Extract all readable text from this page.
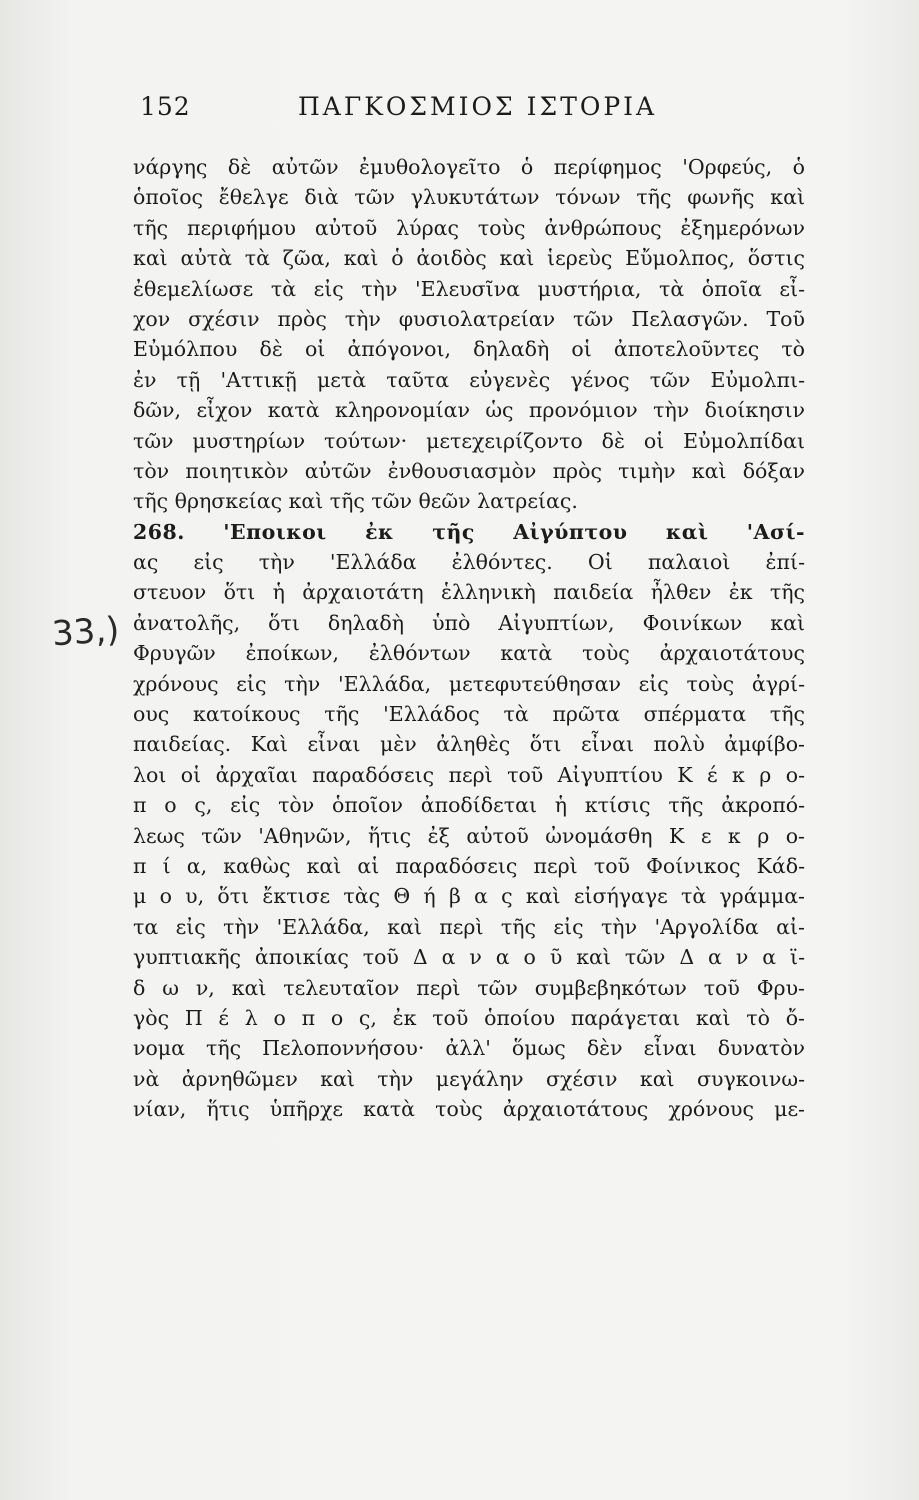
152	ΠΑΓΚΟΣΜΙΟΣ ΙΣΤΟΡΙΑ
33,)
νάργης δὲ αὐτῶν ἐμυθολογεῖτο ὁ περίφημος 'Ορφεύς, ὁ
ὁποῖος ἔθελγε διὰ τῶν γλυκυτάτων τόνων τῆς φωνῆς καὶ
τῆς περιφήμου αὐτοῦ λύρας τοὺς ἀνθρώπους ἐξημερόνων
καὶ αὐτὰ τὰ ζῶα, καὶ ὁ ἀοιδὸς καὶ ἱερεὺς Εὔμολπος, ὅστις
ἐθεμελίωσε τὰ εἰς τὴν 'Ελευσῖνα μυστήρια, τὰ ὁποῖα εἶ-
χον σχέσιν πρὸς τὴν φυσιολατρείαν τῶν Πελασγῶν. Τοῦ
Εὐμόλπου δὲ οἱ ἀπόγονοι, δηλαδὴ οἱ ἀποτελοῦντες τὸ
ἐν τῇ 'Αττικῇ μετὰ ταῦτα εὐγενὲς γένος τῶν Εὐμολπι-
δῶν, εἶχον κατὰ κληρονομίαν ὡς προνόμιον τὴν διοίκησιν
τῶν μυστηρίων τούτων· μετεχειρίζοντο δὲ οἱ Εὐμολπίδαι
τὸν ποιητικὸν αὐτῶν ἐνθουσιασμὸν πρὸς τιμὴν καὶ δόξαν
τῆς θρησκείας καὶ τῆς τῶν θεῶν λατρείας.
268. 'Εποικοι ἐκ τῆς Αἰγύπτου καὶ 'Ασί-
ας εἰς τὴν 'Ελλάδα ἐλθόντες. Οἱ παλαιοὶ ἐπί-
στευον ὅτι ἡ ἀρχαιοτάτη ἑλληνικὴ παιδεία ἦλθεν ἐκ τῆς
ἀνατολῆς, ὅτι δηλαδὴ ὑπὸ Αἰγυπτίων, Φοινίκων καὶ
Φρυγῶν ἐποίκων, ἐλθόντων κατὰ τοὺς ἀρχαιοτάτους
χρόνους εἰς τὴν 'Ελλάδα, μετεφυτεύθησαν εἰς τοὺς ἀγρί-
ους κατοίκους τῆς 'Ελλάδος τὰ πρῶτα σπέρματα τῆς
παιδείας. Καὶ εἶναι μὲν ἀληθὲς ὅτι εἶναι πολὺ ἀμφίβο-
λοι οἱ ἀρχαῖαι παραδόσεις περὶ τοῦ Αἰγυπτίου Κ έ κ ρ ο-
π ο ς, εἰς τὸν ὁποῖον ἀποδίδεται ἡ κτίσις τῆς ἀκροπό-
λεως τῶν 'Αθηνῶν, ἥτις ἐξ αὐτοῦ ὠνομάσθη Κ ε κ ρ ο-
π ί α, καθὼς καὶ αἱ παραδόσεις περὶ τοῦ Φοίνικος Κάδ-
μ ο υ, ὅτι ἔκτισε τὰς Θ ή β α ς καὶ εἰσήγαγε τὰ γράμμα-
τα εἰς τὴν 'Ελλάδα, καὶ περὶ τῆς εἰς τὴν 'Αργολίδα αἰ-
γυπτιακῆς ἀποικίας τοῦ Δ α ν α ο ῦ καὶ τῶν Δ α ν α ϊ-
δ ω ν, καὶ τελευταῖον περὶ τῶν συμβεβηκότων τοῦ Φρυ-
γὸς Π έ λ ο π ο ς, ἐκ τοῦ ὁποίου παράγεται καὶ τὸ ὄ-
νομα τῆς Πελοποννήσου· ἀλλ' ὅμως δὲν εἶναι δυνατὸν
νὰ ἀρνηθῶμεν καὶ τὴν μεγάλην σχέσιν καὶ συγκοινω-
νίαν, ἥτις ὑπῆρχε κατὰ τοὺς ἀρχαιοτάτους χρόνους με-
